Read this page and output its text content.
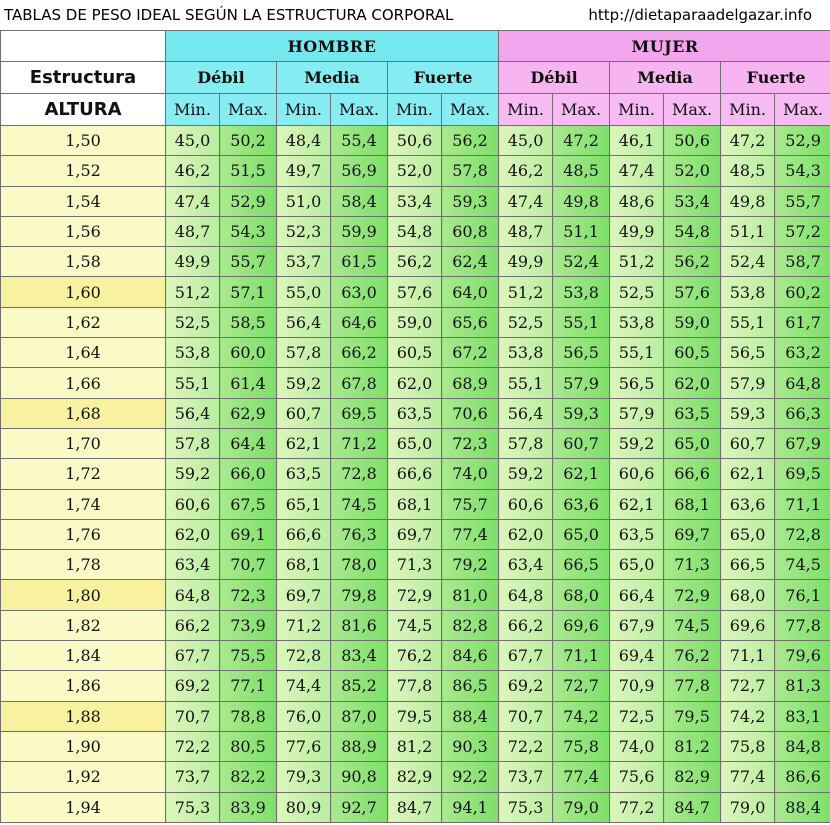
TABLAS DE PESO IDEAL SEGÚN LA ESTRUCTURA CORPORAL	http://dietaparaadelgazar.info
	HOMBRE						MUJER					
Estructura	Débil		Media		Fuerte		Débil		Media		Fuerte	
ALTURA	Min.	Max.	Min.	Max.	Min.	Max.	Min.	Max.	Min.	Max.	Min.	Max.
1,50	45,0	50,2	48,4	55,4	50,6	56,2	45,0	47,2	46,1	50,6	47,2	52,9
1,52	46,2	51,5	49,7	56,9	52,0	57,8	46,2	48,5	47,4	52,0	48,5	54,3
1,54	47,4	52,9	51,0	58,4	53,4	59,3	47,4	49,8	48,6	53,4	49,8	55,7
1,56	48,7	54,3	52,3	59,9	54,8	60,8	48,7	51,1	49,9	54,8	51,1	57,2
1,58	49,9	55,7	53,7	61,5	56,2	62,4	49,9	52,4	51,2	56,2	52,4	58,7
1,60	51,2	57,1	55,0	63,0	57,6	64,0	51,2	53,8	52,5	57,6	53,8	60,2
1,62	52,5	58,5	56,4	64,6	59,0	65,6	52,5	55,1	53,8	59,0	55,1	61,7
1,64	53,8	60,0	57,8	66,2	60,5	67,2	53,8	56,5	55,1	60,5	56,5	63,2
1,66	55,1	61,4	59,2	67,8	62,0	68,9	55,1	57,9	56,5	62,0	57,9	64,8
1,68	56,4	62,9	60,7	69,5	63,5	70,6	56,4	59,3	57,9	63,5	59,3	66,3
1,70	57,8	64,4	62,1	71,2	65,0	72,3	57,8	60,7	59,2	65,0	60,7	67,9
1,72	59,2	66,0	63,5	72,8	66,6	74,0	59,2	62,1	60,6	66,6	62,1	69,5
1,74	60,6	67,5	65,1	74,5	68,1	75,7	60,6	63,6	62,1	68,1	63,6	71,1
1,76	62,0	69,1	66,6	76,3	69,7	77,4	62,0	65,0	63,5	69,7	65,0	72,8
1,78	63,4	70,7	68,1	78,0	71,3	79,2	63,4	66,5	65,0	71,3	66,5	74,5
1,80	64,8	72,3	69,7	79,8	72,9	81,0	64,8	68,0	66,4	72,9	68,0	76,1
1,82	66,2	73,9	71,2	81,6	74,5	82,8	66,2	69,6	67,9	74,5	69,6	77,8
1,84	67,7	75,5	72,8	83,4	76,2	84,6	67,7	71,1	69,4	76,2	71,1	79,6
1,86	69,2	77,1	74,4	85,2	77,8	86,5	69,2	72,7	70,9	77,8	72,7	81,3
1,88	70,7	78,8	76,0	87,0	79,5	88,4	70,7	74,2	72,5	79,5	74,2	83,1
1,90	72,2	80,5	77,6	88,9	81,2	90,3	72,2	75,8	74,0	81,2	75,8	84,8
1,92	73,7	82,2	79,3	90,8	82,9	92,2	73,7	77,4	75,6	82,9	77,4	86,6
1,94	75,3	83,9	80,9	92,7	84,7	94,1	75,3	79,0	77,2	84,7	79,0	88,4
